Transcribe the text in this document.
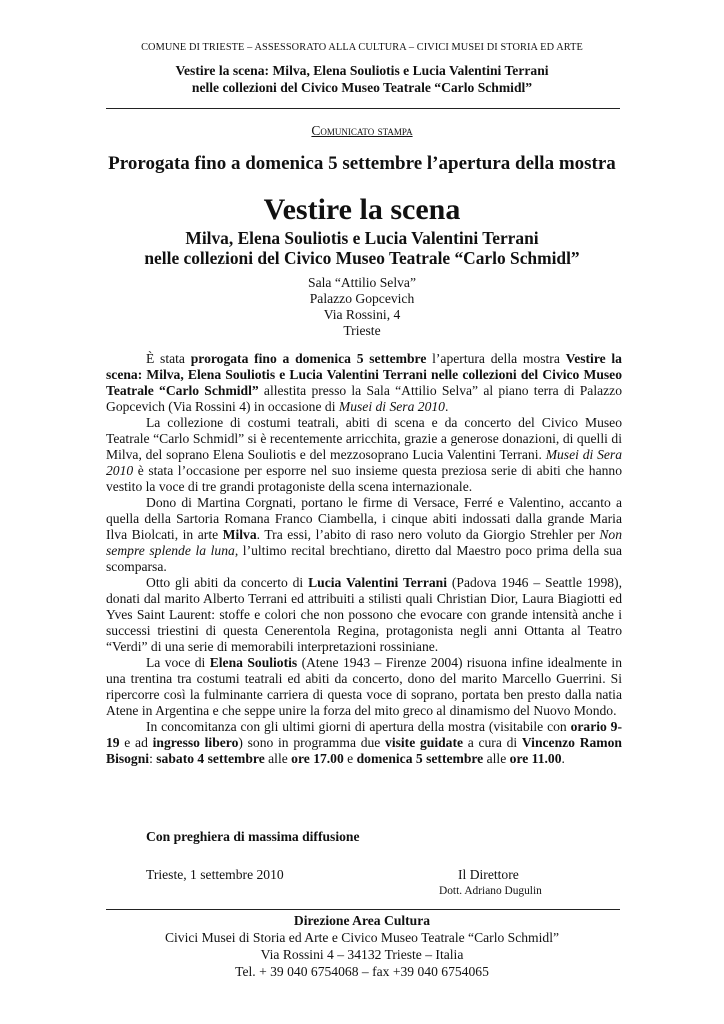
COMUNE DI TRIESTE – ASSESSORATO ALLA CULTURA – CIVICI MUSEI DI STORIA ED ARTE
Vestire la scena: Milva, Elena Souliotis e Lucia Valentini Terrani
nelle collezioni del Civico Museo Teatrale “Carlo Schmidl”
Comunicato stampa
Prorogata fino a domenica 5 settembre l’apertura della mostra
Vestire la scena
Milva, Elena Souliotis e Lucia Valentini Terrani
nelle collezioni del Civico Museo Teatrale “Carlo Schmidl”
Sala “Attilio Selva”
Palazzo Gopcevich
Via Rossini, 4
Trieste

È stata prorogata fino a domenica 5 settembre l’apertura della mostra Vestire la scena: Milva, Elena Souliotis e Lucia Valentini Terrani nelle collezioni del Civico Museo Teatrale “Carlo Schmidl” allestita presso la Sala “Attilio Selva” al piano terra di Palazzo Gopcevich (Via Rossini 4) in occasione di Musei di Sera 2010.

La collezione di costumi teatrali, abiti di scena e da concerto del Civico Museo Teatrale “Carlo Schmidl” si è recentemente arricchita, grazie a generose donazioni, di quelli di Milva, del soprano Elena Souliotis e del mezzosoprano Lucia Valentini Terrani. Musei di Sera 2010 è stata l’occasione per esporre nel suo insieme questa preziosa serie di abiti che hanno vestito la voce di tre grandi protagoniste della scena internazionale.

Dono di Martina Corgnati, portano le firme di Versace, Ferré e Valentino, accanto a quella della Sartoria Romana Franco Ciambella, i cinque abiti indossati dalla grande Maria Ilva Biolcati, in arte Milva. Tra essi, l’abito di raso nero voluto da Giorgio Strehler per Non sempre splende la luna, l’ultimo recital brechtiano, diretto dal Maestro poco prima della sua scomparsa.

Otto gli abiti da concerto di Lucia Valentini Terrani (Padova 1946 – Seattle 1998), donati dal marito Alberto Terrani ed attribuiti a stilisti quali Christian Dior, Laura Biagiotti ed Yves Saint Laurent: stoffe e colori che non possono che evocare con grande intensità anche i successi triestini di questa Cenerentola Regina, protagonista negli anni Ottanta al Teatro “Verdi” di una serie di memorabili interpretazioni rossiniane.

La voce di Elena Souliotis (Atene 1943 – Firenze 2004) risuona infine idealmente in una trentina tra costumi teatrali ed abiti da concerto, dono del marito Marcello Guerrini. Si ripercorre così la fulminante carriera di questa voce di soprano, portata ben presto dalla natia Atene in Argentina e che seppe unire la forza del mito greco al dinamismo del Nuovo Mondo.

In concomitanza con gli ultimi giorni di apertura della mostra (visitabile con orario 9-19 e ad ingresso libero) sono in programma due visite guidate a cura di Vincenzo Ramon Bisogni: sabato 4 settembre alle ore 17.00 e domenica 5 settembre alle ore 11.00.

Con preghiera di massima diffusione
Trieste, 1 settembre 2010	Il Direttore
Dott. Adriano Dugulin
Direzione Area Cultura
Civici Musei di Storia ed Arte e Civico Museo Teatrale “Carlo Schmidl”
Via Rossini 4 – 34132 Trieste – Italia
Tel. + 39 040 6754068 – fax +39 040 6754065
